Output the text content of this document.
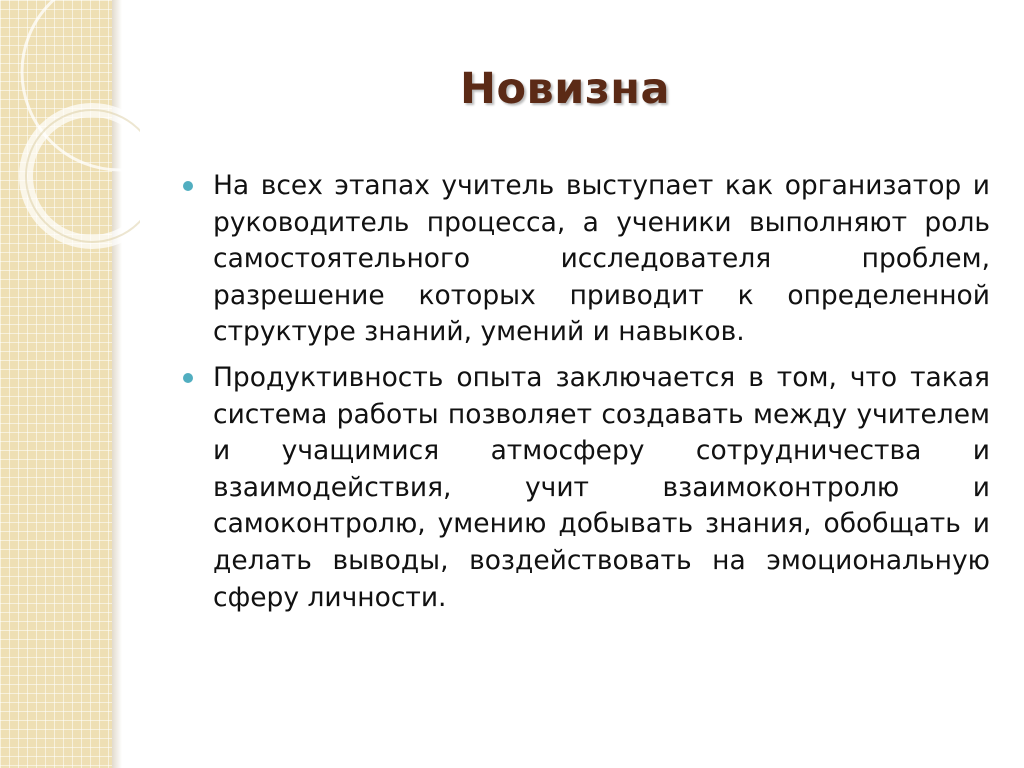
Новизна

На всех этапах учитель выступает как организатор и руководитель процесса, а ученики выполняют роль самостоятельного исследователя проблем, разрешение которых приводит к определенной структуре знаний, умений и навыков.

Продуктивность опыта заключается в том, что такая система работы позволяет создавать между учителем и учащимися атмосферу сотрудничества и взаимодействия, учит взаимоконтролю и самоконтролю, умению добывать знания, обобщать и делать выводы, воздействовать на эмоциональную сферу личности.
